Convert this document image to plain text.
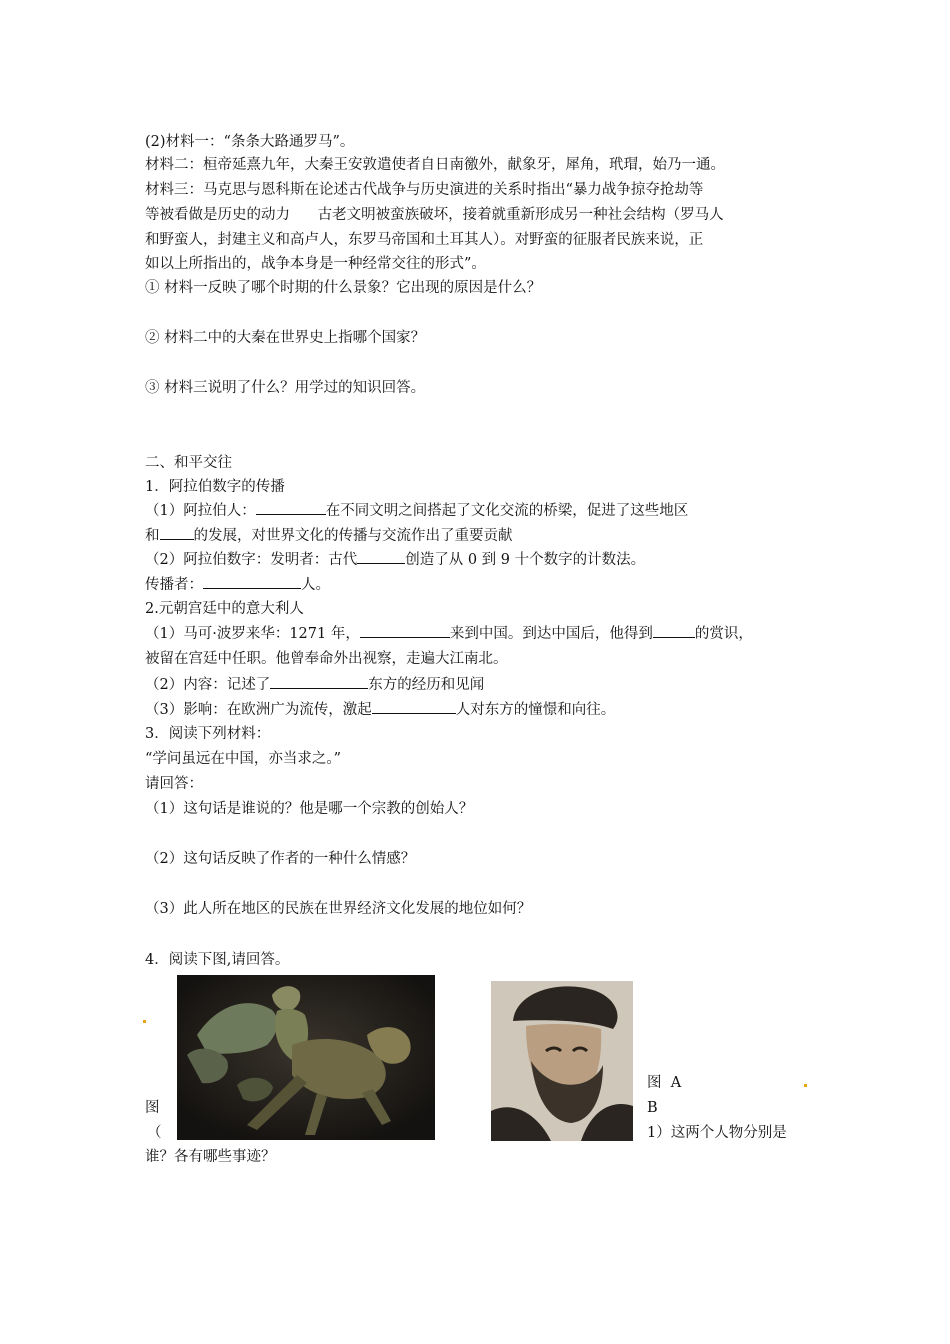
(2)材料一：“条条大路通罗马”。
材料二：桓帝延熹九年，大秦王安敦遣使者自日南徼外，献象牙，犀角，玳瑁，始乃一通。
材料三：马克思与恩科斯在论述古代战争与历史演进的关系时指出“暴力战争掠夺抢劫等
等被看做是历史的动力      古老文明被蛮族破坏，接着就重新形成另一种社会结构（罗马人
和野蛮人，封建主义和高卢人，东罗马帝国和土耳其人）。对野蛮的征服者民族来说，正
如以上所指出的，战争本身是一种经常交往的形式”。
① 材料一反映了哪个时期的什么景象？它出现的原因是什么？
② 材料二中的大秦在世界史上指哪个国家？
③ 材料三说明了什么？用学过的知识回答。
二、和平交往
1．阿拉伯数字的传播
（1）阿拉伯人：	在不同文明之间搭起了文化交流的桥梁，促进了这些地区
和 的发展，对世界文化的传播与交流作出了重要贡献
（2）阿拉伯数字：发明者：古代	创造了从 0 到 9 十个数字的计数法。
传播者：	人。
2.元朝宫廷中的意大利人
（1）马可·波罗来华：1271 年，	来到中国。到达中国后，他得到	的赏识，
被留在宫廷中任职。他曾奉命外出视察，走遍大江南北。
（2）内容：记述了	东方的经历和见闻
（3）影响：在欧洲广为流传，激起	人对东方的憧憬和向往。
3．阅读下列材料：
“学问虽远在中国，亦当求之。”
请回答：
（1）这句话是谁说的？他是哪一个宗教的创始人？
（2）这句话反映了作者的一种什么情感？
（3）此人所在地区的民族在世界经济文化发展的地位如何？
4．阅读下图,请回答。
图
（
图  A
B
1）这两个人物分别是
谁？各有哪些事迹？
